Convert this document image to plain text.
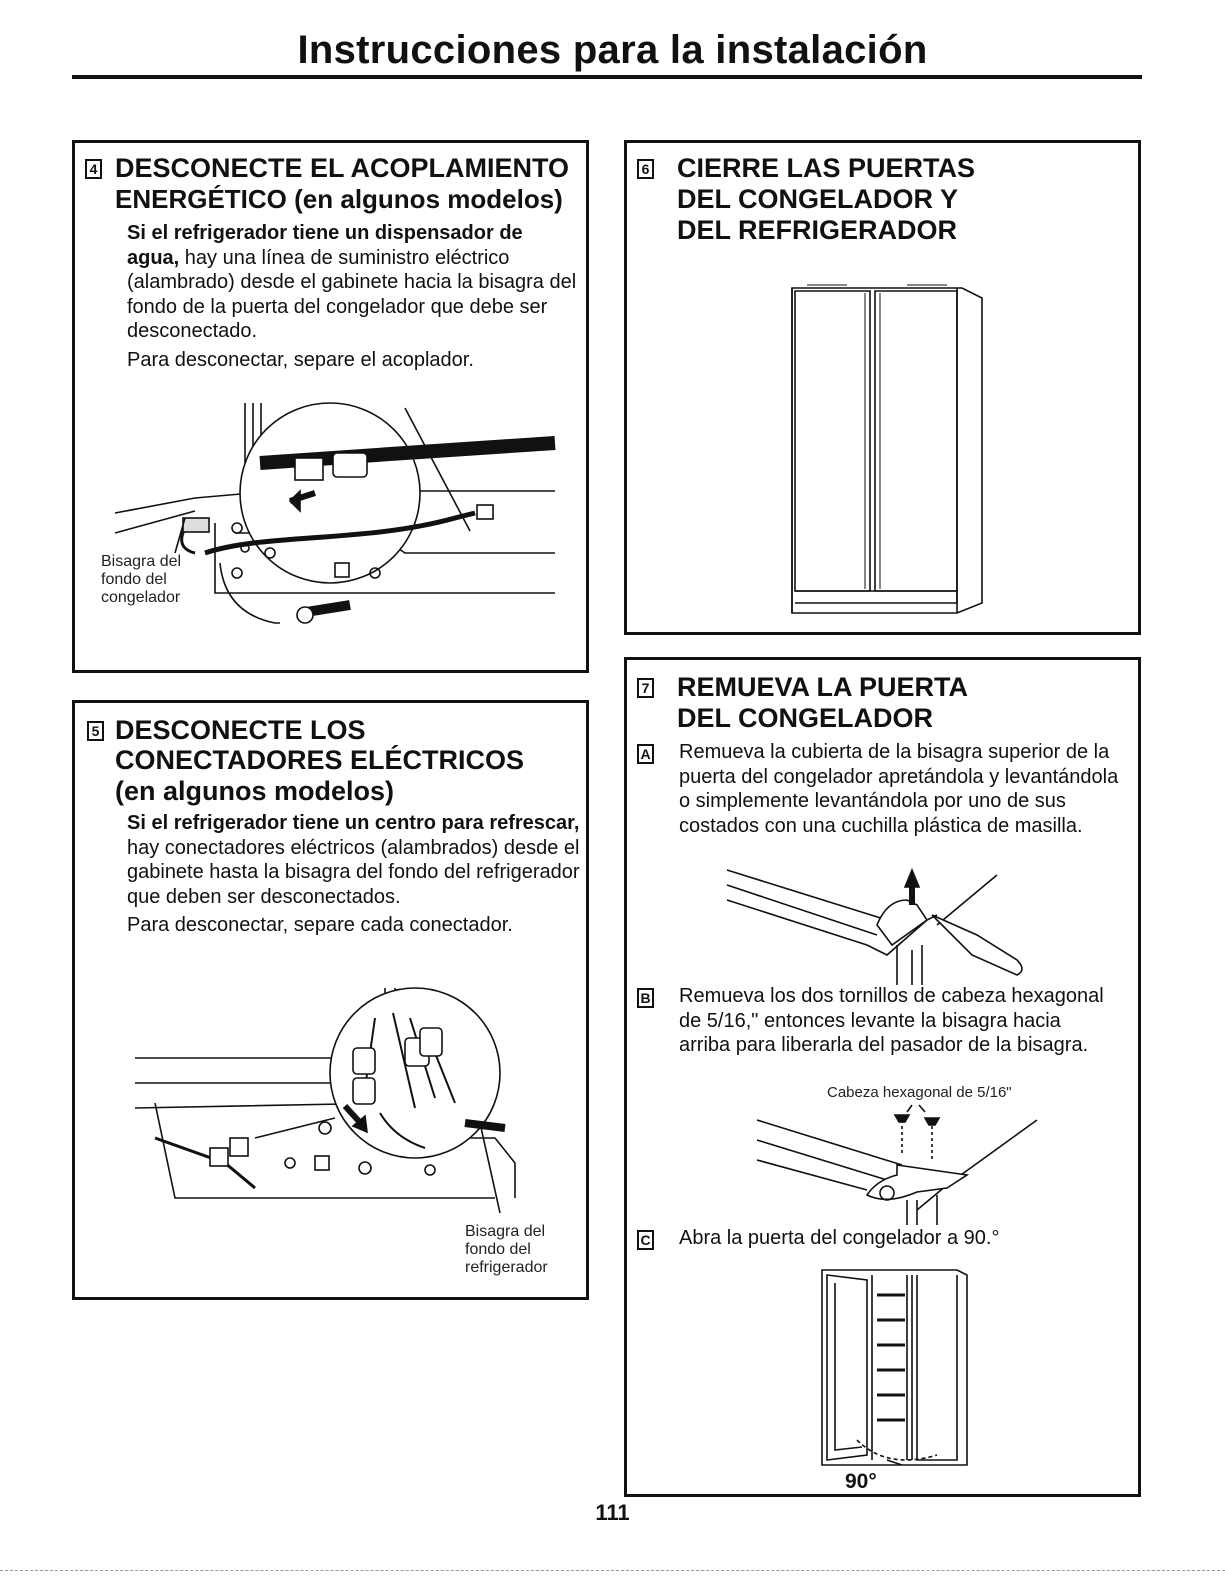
Instrucciones para la instalación
4 DESCONECTE EL ACOPLAMIENTO
ENERGÉTICO (en algunos modelos)

Si el refrigerador tiene un dispensador de agua, hay una línea de suministro eléctrico (alambrado) desde el gabinete hacia la bisagra del fondo de la puerta del congelador que debe ser desconectado.

Para desconectar, separe el acoplador.

Bisagra del
fondo del
congelador
5 DESCONECTE LOS
CONECTADORES ELÉCTRICOS
(en algunos modelos)

Si el refrigerador tiene un centro para refrescar, hay conectadores eléctricos (alambrados) desde el gabinete hasta la bisagra del fondo del refrigerador que deben ser desconectados.

Para desconectar, separe cada conectador.

Bisagra del
fondo del
refrigerador
6 CIERRE LAS PUERTAS
DEL CONGELADOR Y
DEL REFRIGERADOR
7 REMUEVA LA PUERTA
DEL CONGELADOR
A Remueva la cubierta de la bisagra superior de la puerta del congelador apretándola y levantándola o simplemente levantándola por uno de sus costados con una cuchilla plástica de masilla.
B Remueva los dos tornillos de cabeza hexagonal de 5/16," entonces levante la bisagra hacia arriba para liberarla del pasador de la bisagra.
Cabeza hexagonal de 5/16"
C Abra la puerta del congelador a 90.°
90°
111
